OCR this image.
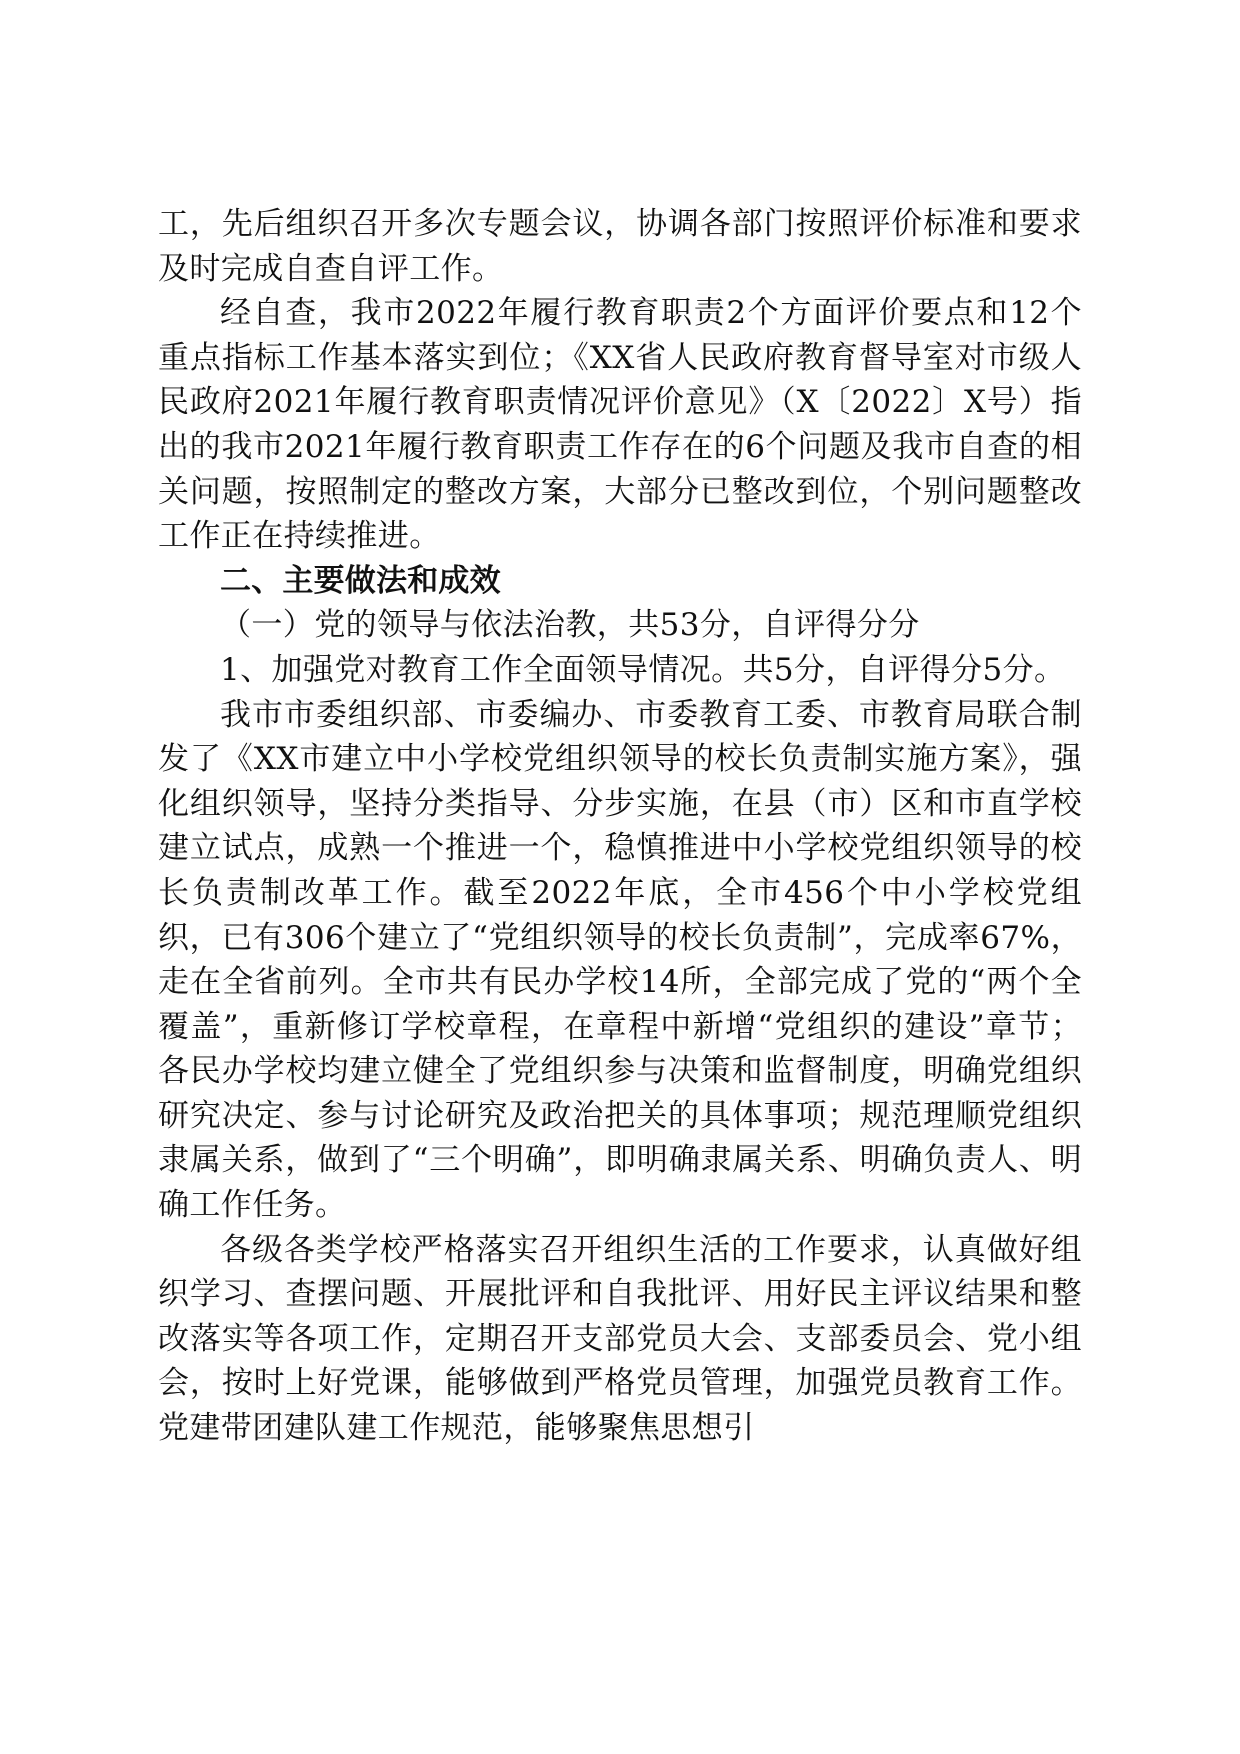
工，先后组织召开多次专题会议，协调各部门按照评价标准和要求及时完成自查自评工作。

经自查，我市2022年履行教育职责2个方面评价要点和12个重点指标工作基本落实到位；《XX省人民政府教育督导室对市级人民政府2021年履行教育职责情况评价意见》（X〔2022〕X号）指出的我市2021年履行教育职责工作存在的6个问题及我市自查的相关问题，按照制定的整改方案，大部分已整改到位，个别问题整改工作正在持续推进。

二、主要做法和成效

（一）党的领导与依法治教，共53分，自评得分分

1、加强党对教育工作全面领导情况。共5分，自评得分5分。

我市市委组织部、市委编办、市委教育工委、市教育局联合制发了《XX市建立中小学校党组织领导的校长负责制实施方案》，强化组织领导，坚持分类指导、分步实施，在县（市）区和市直学校建立试点，成熟一个推进一个，稳慎推进中小学校党组织领导的校长负责制改革工作。截至2022年底，全市456个中小学校党组织，已有306个建立了“党组织领导的校长负责制”，完成率67%，走在全省前列。全市共有民办学校14所，全部完成了党的“两个全覆盖”，重新修订学校章程，在章程中新增“党组织的建设”章节；各民办学校均建立健全了党组织参与决策和监督制度，明确党组织研究决定、参与讨论研究及政治把关的具体事项；规范理顺党组织隶属关系，做到了“三个明确”，即明确隶属关系、明确负责人、明确工作任务。

各级各类学校严格落实召开组织生活的工作要求，认真做好组织学习、查摆问题、开展批评和自我批评、用好民主评议结果和整改落实等各项工作，定期召开支部党员大会、支部委员会、党小组会，按时上好党课，能够做到严格党员管理，加强党员教育工作。党建带团建队建工作规范，能够聚焦思想引
